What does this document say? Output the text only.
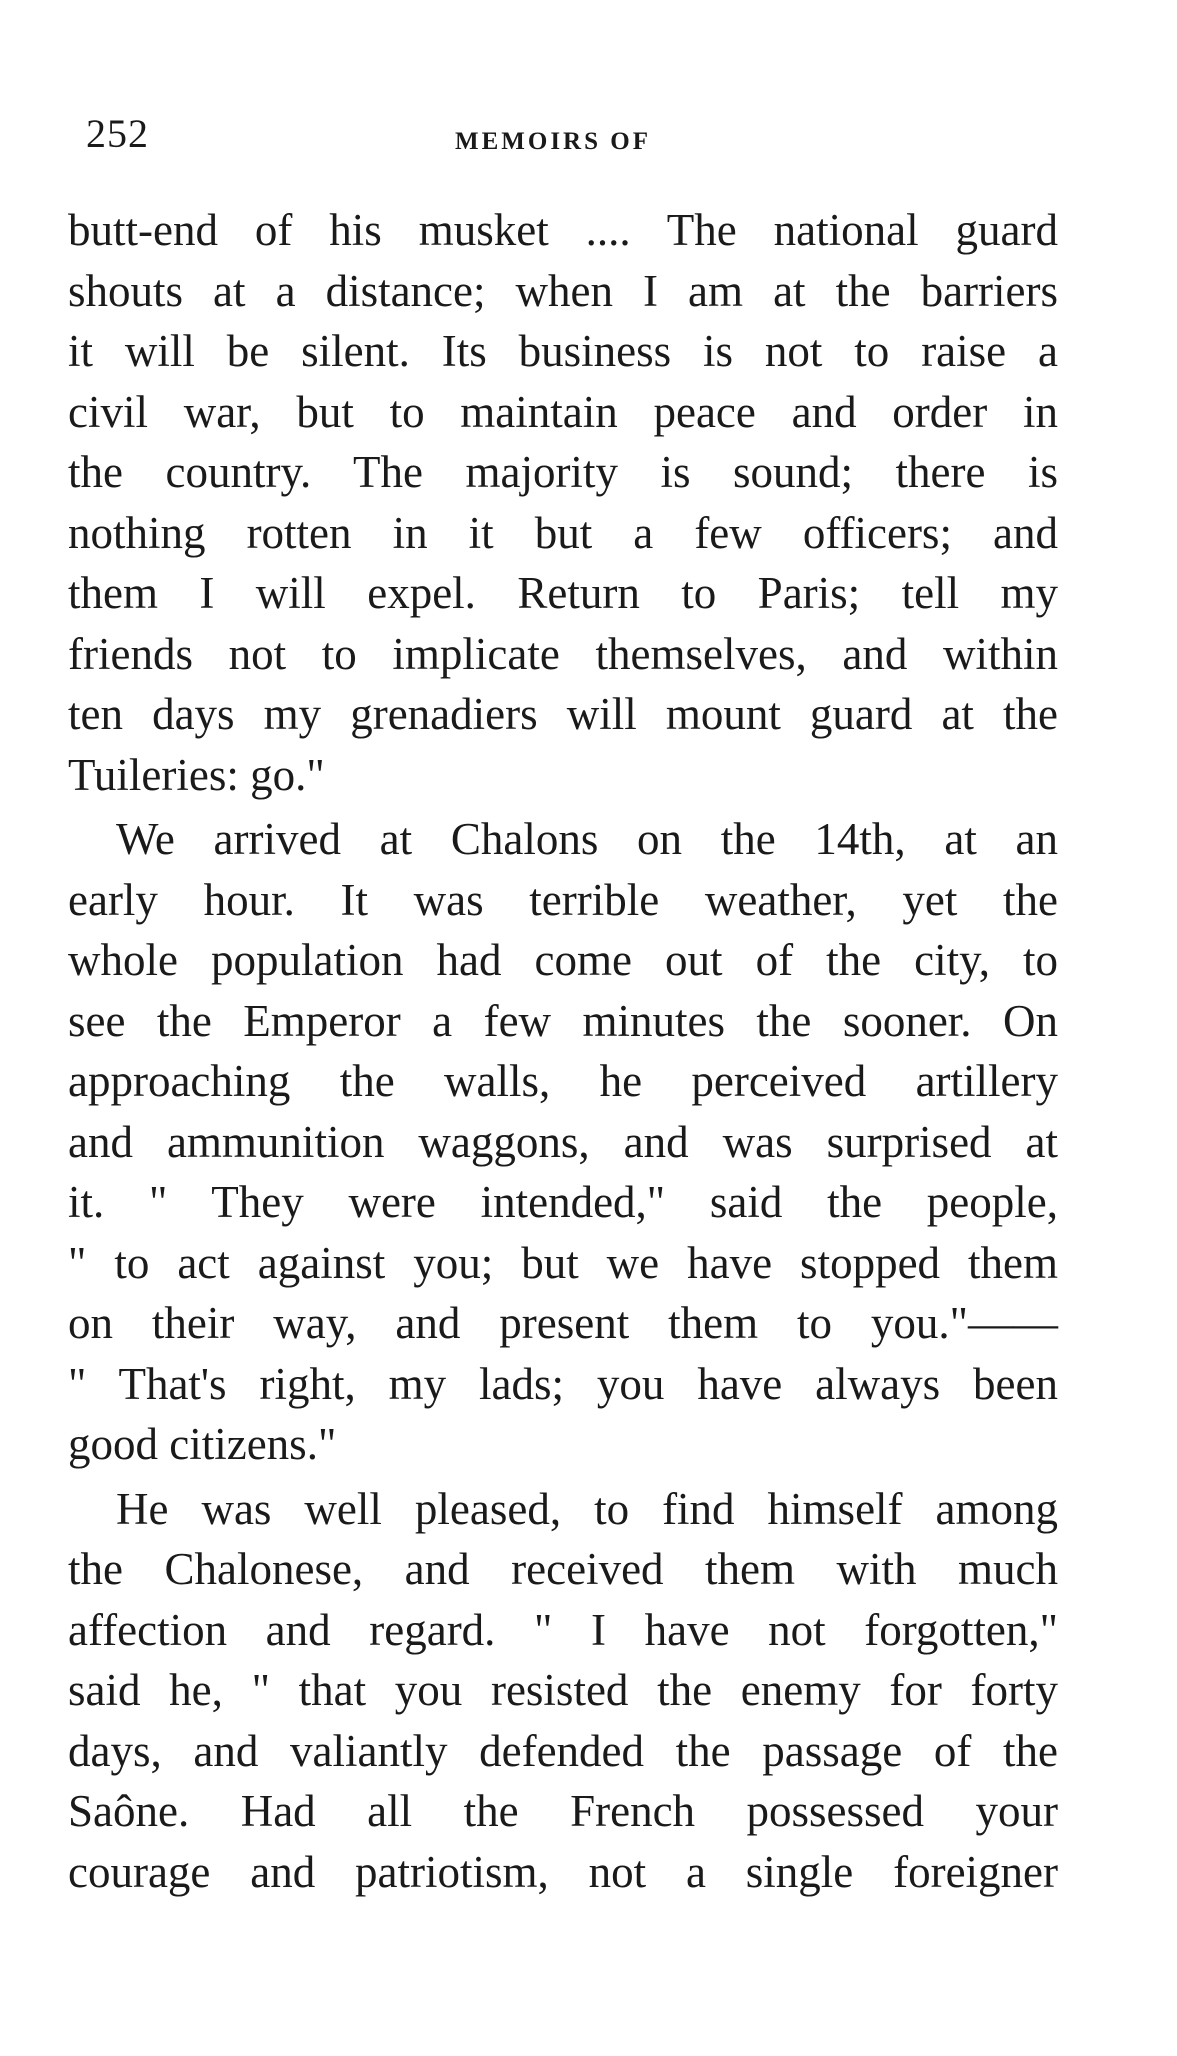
252	MEMOIRS OF
butt-end of his musket .... The national guard
shouts at a distance; when I am at the barriers
it will be silent. Its business is not to raise a
civil war, but to maintain peace and order in
the country. The majority is sound; there is
nothing rotten in it but a few officers; and
them I will expel. Return to Paris; tell my
friends not to implicate themselves, and within
ten days my grenadiers will mount guard at the
Tuileries: go."
We arrived at Chalons on the 14th, at an
early hour. It was terrible weather, yet the
whole population had come out of the city, to
see the Emperor a few minutes the sooner. On
approaching the walls, he perceived artillery
and ammunition waggons, and was surprised at
it. " They were intended," said the people,
" to act against you; but we have stopped them
on their way, and present them to you."——
" That's right, my lads; you have always been
good citizens."
He was well pleased, to find himself among
the Chalonese, and received them with much
affection and regard. " I have not forgotten,"
said he, " that you resisted the enemy for forty
days, and valiantly defended the passage of the
Saône. Had all the French possessed your
courage and patriotism, not a single foreigner
